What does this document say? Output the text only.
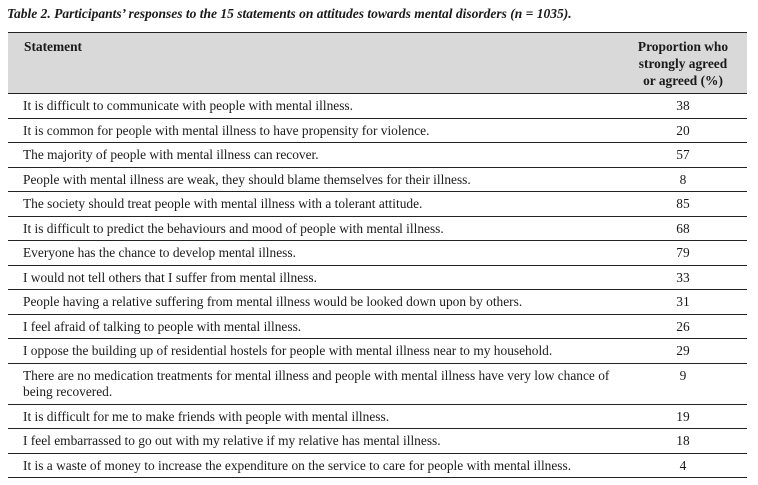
Table 2. Participants’ responses to the 15 statements on attitudes towards mental disorders (n = 1035).
Statement	Proportion who
strongly agreed
or agreed (%)

It is difficult to communicate with people with mental illness.	38
It is common for people with mental illness to have propensity for violence.	20
The majority of people with mental illness can recover.	57
People with mental illness are weak, they should blame themselves for their illness.	8
The society should treat people with mental illness with a tolerant attitude.	85
It is difficult to predict the behaviours and mood of people with mental illness.	68
Everyone has the chance to develop mental illness.	79
I would not tell others that I suffer from mental illness.	33
People having a relative suffering from mental illness would be looked down upon by others.	31
I feel afraid of talking to people with mental illness.	26
I oppose the building up of residential hostels for people with mental illness near to my household.	29
There are no medication treatments for mental illness and people with mental illness have very low chance of being recovered.	9
It is difficult for me to make friends with people with mental illness.	19
I feel embarrassed to go out with my relative if my relative has mental illness.	18
It is a waste of money to increase the expenditure on the service to care for people with mental illness.	4
